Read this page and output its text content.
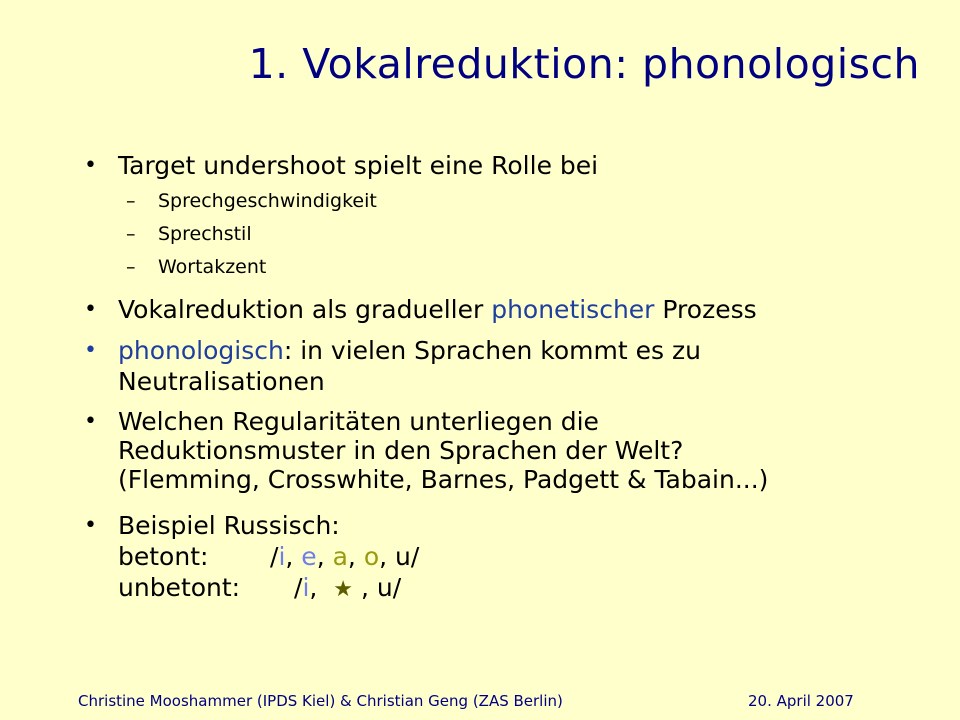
1. Vokalreduktion: phonologisch
• Target undershoot spielt eine Rolle bei
– Sprechgeschwindigkeit
– Sprechstil
– Wortakzent
• Vokalreduktion als gradueller phonetischer Prozess
• phonologisch: in vielen Sprachen kommt es zu
Neutralisationen
• Welchen Regularitäten unterliegen die
Reduktionsmuster in den Sprachen der Welt?
(Flemming, Crosswhite, Barnes, Padgett & Tabain...)
• Beispiel Russisch:
betont: /i, e, a, o, u/
unbetont: /i,  ★ , u/
Christine Mooshammer (IPDS Kiel) & Christian Geng (ZAS Berlin)	20. April 2007
